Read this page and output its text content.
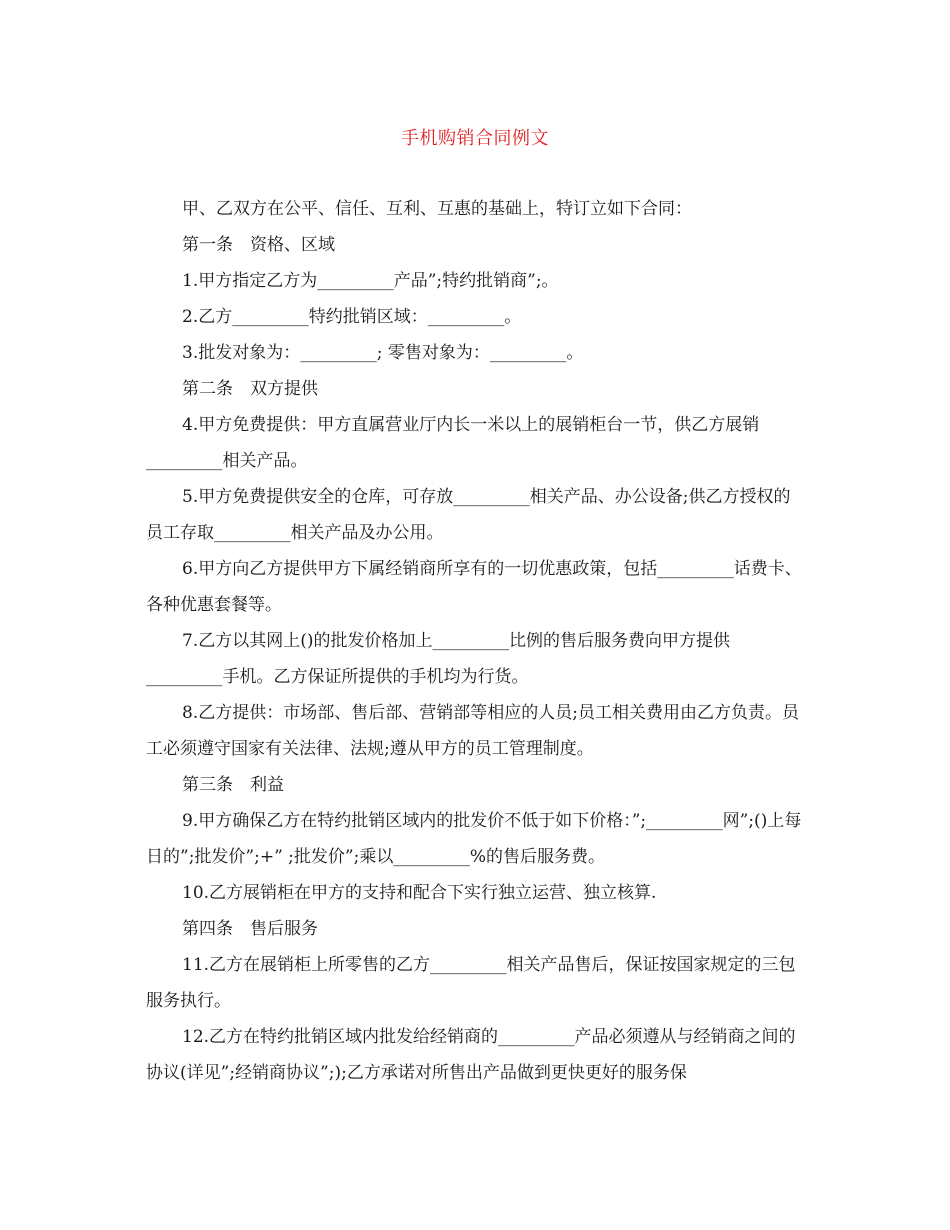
手机购销合同例文

甲、乙双方在公平、信任、互利、互惠的基础上，特订立如下合同：

第一条　资格、区域

1.甲方指定乙方为_________产品”;特约批销商”;。

2.乙方_________特约批销区域：_________。

3.批发对象为：_________; 零售对象为：_________。

第二条　双方提供

4.甲方免费提供：甲方直属营业厅内长一米以上的展销柜台一节，供乙方展销_________相关产品。

5.甲方免费提供安全的仓库，可存放_________相关产品、办公设备;供乙方授权的员工存取_________相关产品及办公用。

6.甲方向乙方提供甲方下属经销商所享有的一切优惠政策，包括_________话费卡、各种优惠套餐等。

7.乙方以其网上()的批发价格加上_________比例的售后服务费向甲方提供_________手机。乙方保证所提供的手机均为行货。

8.乙方提供：市场部、售后部、营销部等相应的人员;员工相关费用由乙方负责。员工必须遵守国家有关法律、法规;遵从甲方的员工管理制度。

第三条　利益

9.甲方确保乙方在特约批销区域内的批发价不低于如下价格：”;_________网”;()上每日的”;批发价”;+” ;批发价”;乘以_________%的售后服务费。

10.乙方展销柜在甲方的支持和配合下实行独立运营、独立核算.

第四条　售后服务

11.乙方在展销柜上所零售的乙方_________相关产品售后，保证按国家规定的三包服务执行。

12.乙方在特约批销区域内批发给经销商的_________产品必须遵从与经销商之间的协议(详见”;经销商协议”;);乙方承诺对所售出产品做到更快更好的服务保
